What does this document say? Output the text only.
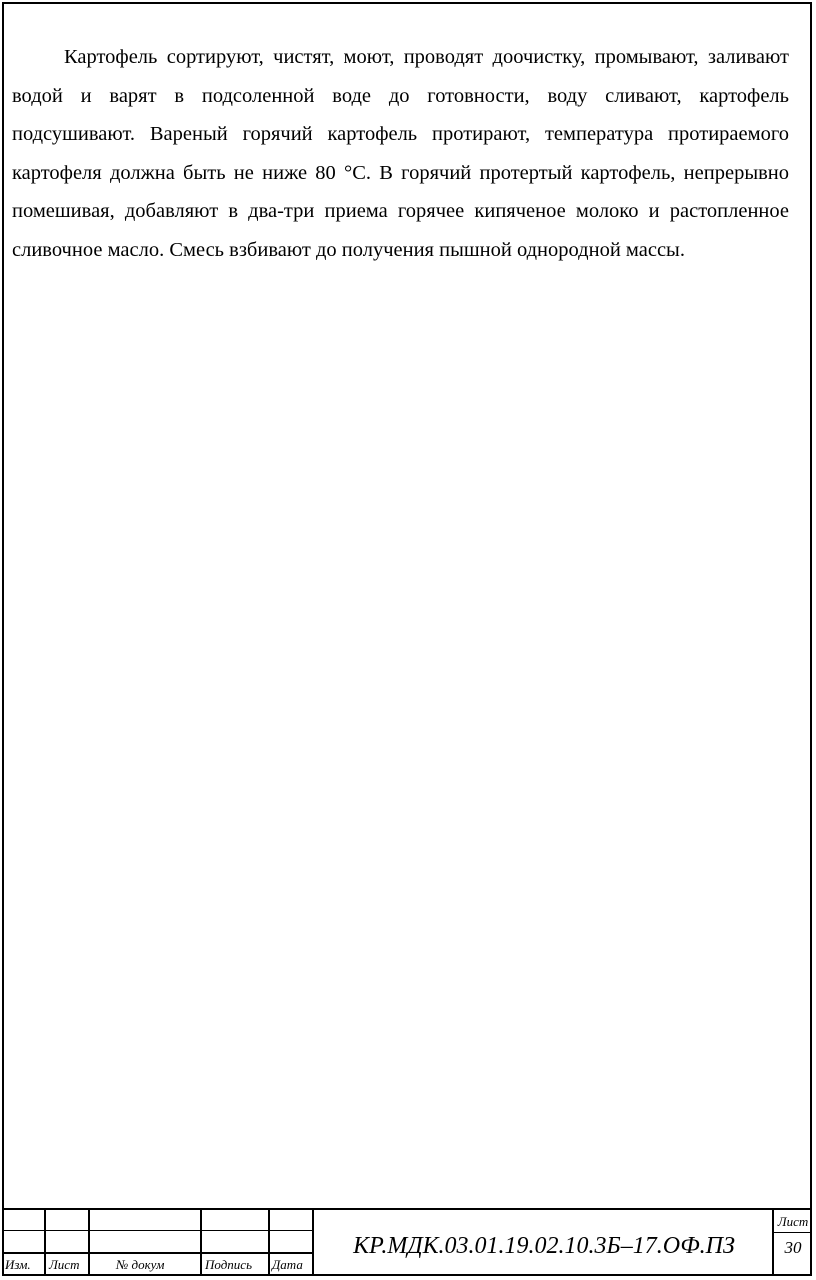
Картофель сортируют, чистят, моют, проводят доочистку, промывают, заливают водой и варят в подсоленной воде до готовности, воду сливают, картофель подсушивают. Вареный горячий картофель протирают, температура протираемого картофеля должна быть не ниже 80 °С. В горячий протертый картофель, непрерывно помешивая, добавляют в два-три приема горячее кипяченое молоко и растопленное сливочное масло. Смесь взбивают до получения пышной однородной массы.

Изм. Лист	№ докум	Подпись Дата
КР.МДК.03.01.19.02.10.3Б–17.ОФ.ПЗ
Лист
30
